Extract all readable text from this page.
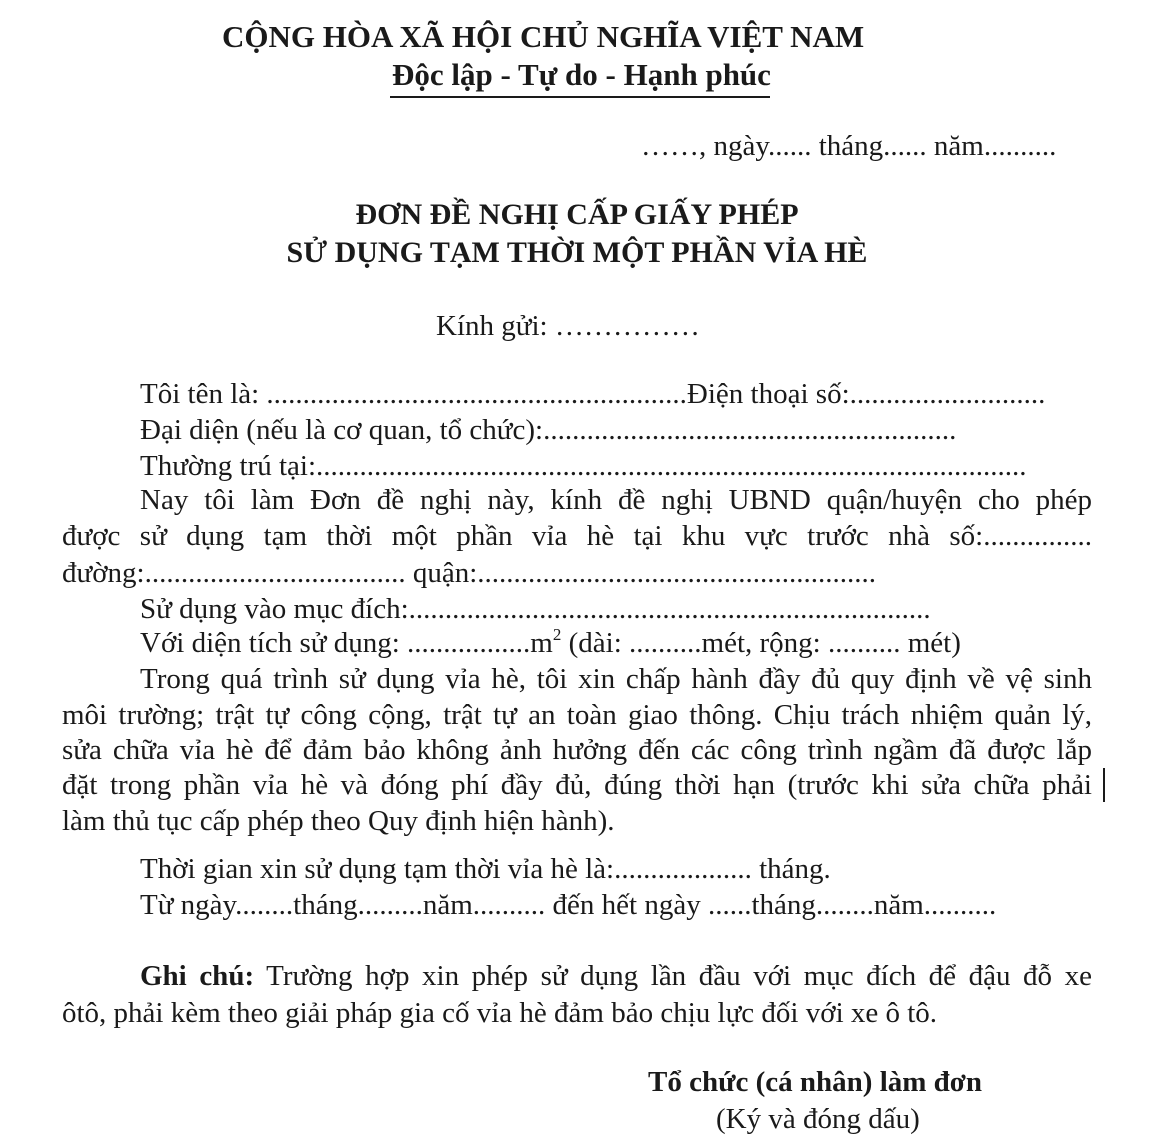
CỘNG HÒA XÃ HỘI CHỦ NGHĨA VIỆT NAM
Độc lập - Tự do - Hạnh phúc
……, ngày...... tháng...... năm..........
ĐƠN ĐỀ NGHỊ CẤP GIẤY PHÉP
SỬ DỤNG TẠM THỜI MỘT PHẦN VỈA HÈ
Kính gửi: ……………
Tôi tên là: ..........................................................Điện thoại số:...........................
Đại diện (nếu là cơ quan, tổ chức):.........................................................
Thường trú tại:..................................................................................................
Nay tôi làm Đơn đề nghị này, kính đề nghị UBND quận/huyện cho phép
được sử dụng tạm thời một phần vỉa hè tại khu vực trước nhà số:...............
đường:.................................... quận:.......................................................
Sử dụng vào mục đích:........................................................................
Với diện tích sử dụng: $.................m^2$ (dài: ..........mét, rộng: .......... mét)
Trong quá trình sử dụng vỉa hè, tôi xin chấp hành đầy đủ quy định về vệ sinh
môi trường; trật tự công cộng, trật tự an toàn giao thông. Chịu trách nhiệm quản lý,
sửa chữa vỉa hè để đảm bảo không ảnh hưởng đến các công trình ngầm đã được lắp
đặt trong phần vỉa hè và đóng phí đầy đủ, đúng thời hạn (trước khi sửa chữa phải
làm thủ tục cấp phép theo Quy định hiện hành).
Thời gian xin sử dụng tạm thời vỉa hè là:................... tháng.
Từ ngày........tháng.........năm.......... đến hết ngày ......tháng........năm..........
Ghi chú: Trường hợp xin phép sử dụng lần đầu với mục đích để đậu đỗ xe
ôtô, phải kèm theo giải pháp gia cố vỉa hè đảm bảo chịu lực đối với xe ô tô.
Tổ chức (cá nhân) làm đơn
(Ký và đóng dấu)
